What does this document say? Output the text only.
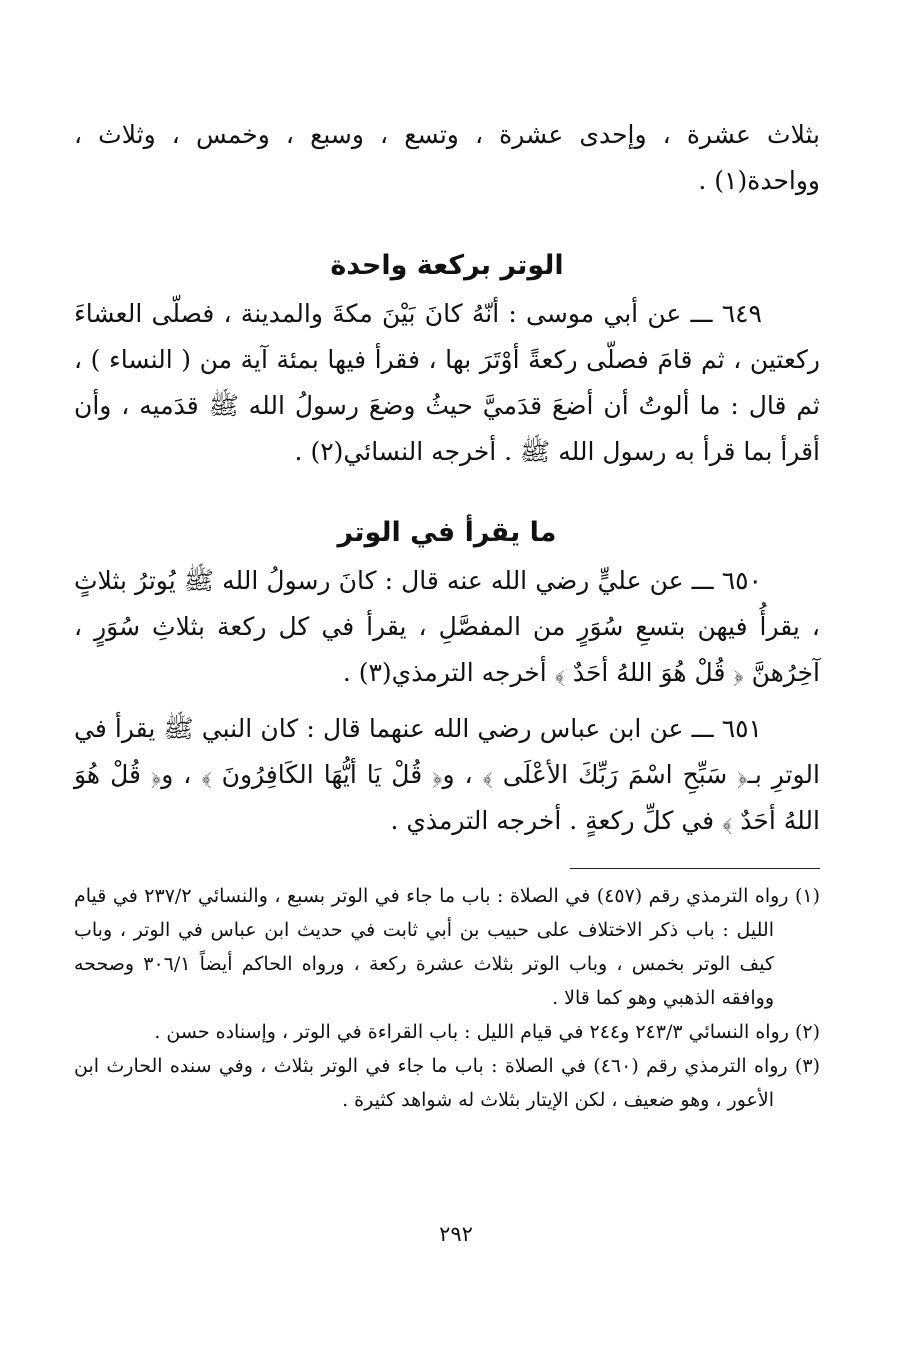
بثلاث عشرة ، وإحدى عشرة ، وتسع ، وسبع ، وخمس ، وثلاث ، وواحدة(١) .

الوتر بركعة واحدة

٦٤٩ ـــ عن أبي موسى : أنّهُ كانَ بَيْنَ مكةَ والمدينة ، فصلّى العشاءَ ركعتين ، ثم قامَ فصلّى ركعةً أوْتَرَ بها ، فقرأ فيها بمئة آية من ( النساء ) ، ثم قال : ما ألوتُ أن أضعَ قدَميَّ حيثُ وضعَ رسولُ الله ﷺ قدَميه ، وأن أقرأ بما قرأ به رسول الله ﷺ . أخرجه النسائي(٢) .

ما يقرأ في الوتر

٦٥٠ ـــ عن عليٍّ رضي الله عنه قال : كانَ رسولُ الله ﷺ يُوترُ بثلاثٍ ، يقرأُ فيهن بتسعِ سُوَرٍ من المفصَّلِ ، يقرأ في كل ركعة بثلاثِ سُوَرٍ ، آخِرُهنَّ ﴿ قُلْ هُوَ اللهُ أحَدٌ ﴾ أخرجه الترمذي(٣) .

٦٥١ ـــ عن ابن عباس رضي الله عنهما قال : كان النبي ﷺ يقرأ في الوترِ بـ﴿ سَبِّحِ اسْمَ رَبِّكَ الأعْلَى ﴾ ، و﴿ قُلْ يَا أيُّهَا الكَافِرُونَ ﴾ ، و﴿ قُلْ هُوَ اللهُ أحَدٌ ﴾ في كلِّ ركعةٍ . أخرجه الترمذي .

(١) رواه الترمذي رقم (٤٥٧) في الصلاة : باب ما جاء في الوتر بسبع ، والنسائي ٢٣٧/٢ في قيام الليل : باب ذكر الاختلاف على حبيب بن أبي ثابت في حديث ابن عباس في الوتر ، وباب كيف الوتر بخمس ، وباب الوتر بثلاث عشرة ركعة ، ورواه الحاكم أيضاً ٣٠٦/١ وصححه ووافقه الذهبي وهو كما قالا .

(٢) رواه النسائي ٢٤٣/٣ و٢٤٤ في قيام الليل : باب القراءة في الوتر ، وإسناده حسن .

(٣) رواه الترمذي رقم (٤٦٠) في الصلاة : باب ما جاء في الوتر بثلاث ، وفي سنده الحارث ابن الأعور ، وهو ضعيف ، لكن الإيتار بثلاث له شواهد كثيرة .

٢٩٢
